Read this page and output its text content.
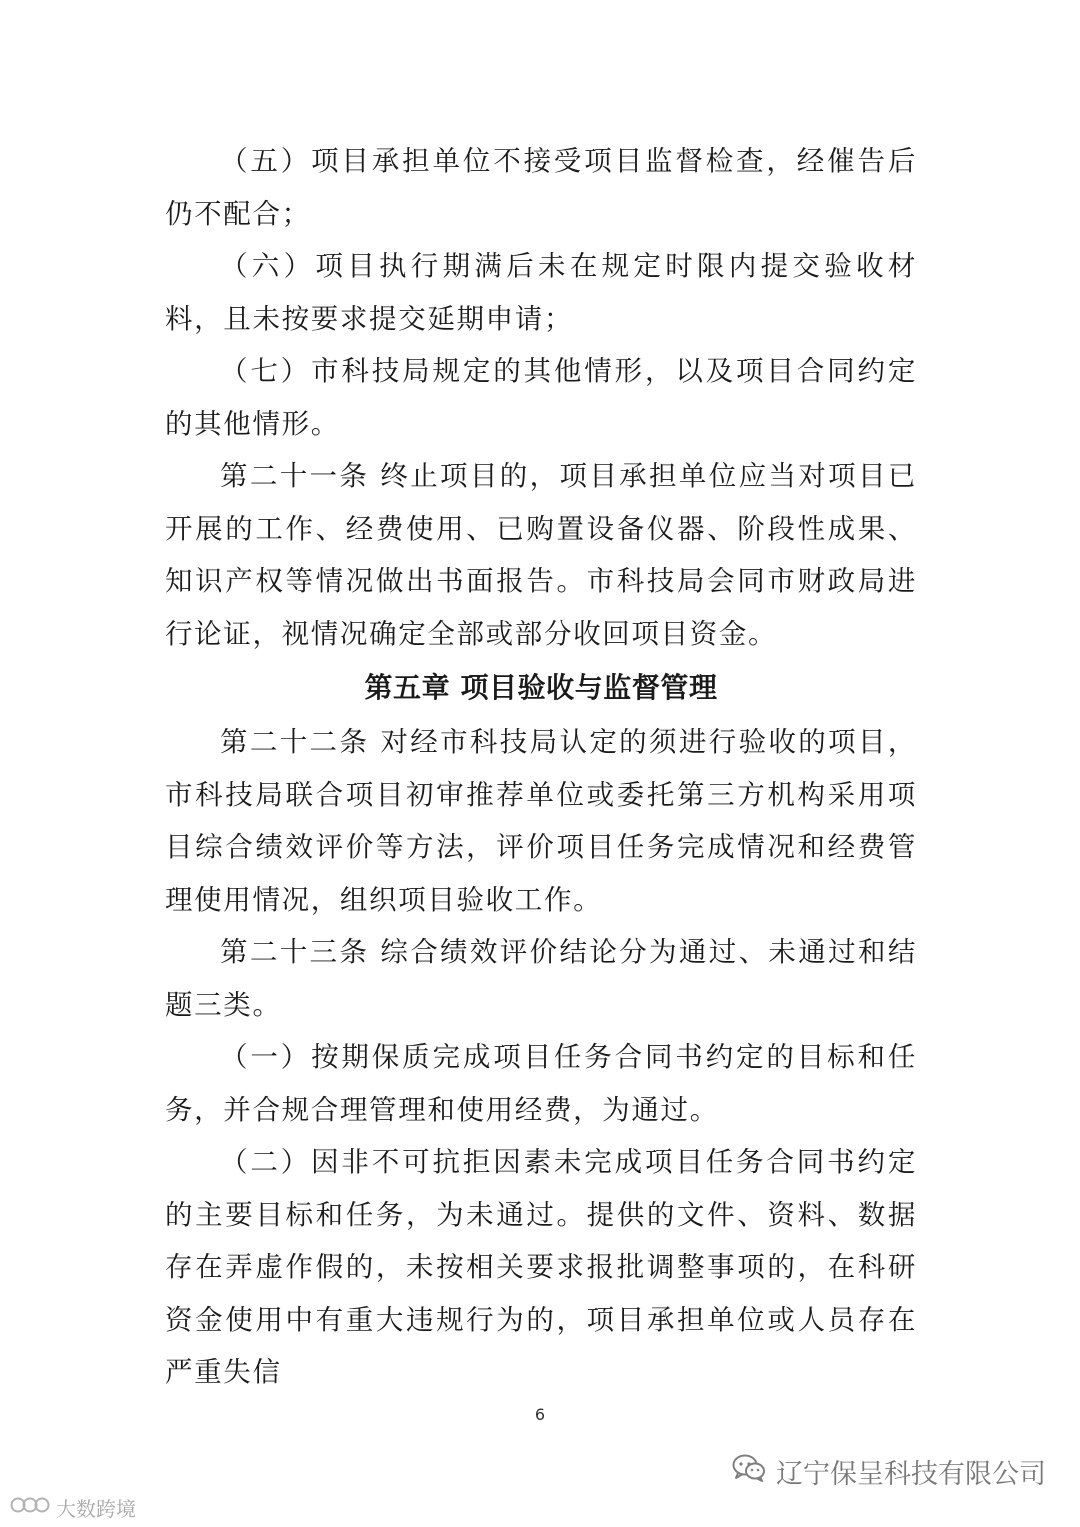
（五）项目承担单位不接受项目监督检查，经催告后仍不配合；

（六）项目执行期满后未在规定时限内提交验收材料，且未按要求提交延期申请；

（七）市科技局规定的其他情形，以及项目合同约定的其他情形。

第二十一条 终止项目的，项目承担单位应当对项目已开展的工作、经费使用、已购置设备仪器、阶段性成果、知识产权等情况做出书面报告。市科技局会同市财政局进行论证，视情况确定全部或部分收回项目资金。

第五章 项目验收与监督管理

第二十二条 对经市科技局认定的须进行验收的项目，市科技局联合项目初审推荐单位或委托第三方机构采用项目综合绩效评价等方法，评价项目任务完成情况和经费管理使用情况，组织项目验收工作。

第二十三条 综合绩效评价结论分为通过、未通过和结题三类。

（一）按期保质完成项目任务合同书约定的目标和任务，并合规合理管理和使用经费，为通过。

（二）因非不可抗拒因素未完成项目任务合同书约定的主要目标和任务，为未通过。提供的文件、资料、数据存在弄虚作假的，未按相关要求报批调整事项的，在科研资金使用中有重大违规行为的，项目承担单位或人员存在严重失信

6
辽宁保呈科技有限公司
大数跨境
